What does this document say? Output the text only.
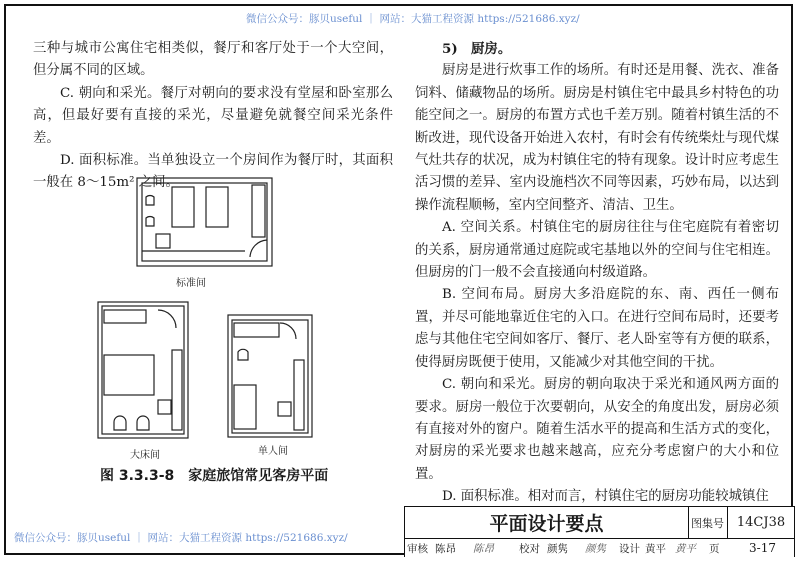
微信公众号：豚贝useful ｜ 网站：大猫工程资源 https://521686.xyz/

三种与城市公寓住宅相类似，餐厅和客厅处于一个大空间，但分属不同的区域。

C. 朝向和采光。餐厅对朝向的要求没有堂屋和卧室那么高，但最好要有直接的采光，尽量避免就餐空间采光条件差。

D. 面积标准。当单独设立一个房间作为餐厅时，其面积一般在 8～15m² 之间。

标准间
大床间	单人间
图 3.3.3-8　家庭旅馆常见客房平面

5)　厨房。

厨房是进行炊事工作的场所。有时还是用餐、洗衣、准备饲料、储藏物品的场所。厨房是村镇住宅中最具乡村特色的功能空间之一。厨房的布置方式也千差万别。随着村镇生活的不断改进，现代设备开始进入农村，有时会有传统柴灶与现代煤气灶共存的状况，成为村镇住宅的特有现象。设计时应考虑生活习惯的差异、室内设施档次不同等因素，巧妙布局，以达到操作流程顺畅，室内空间整齐、清洁、卫生。

A. 空间关系。村镇住宅的厨房往往与住宅庭院有着密切的关系，厨房通常通过庭院或宅基地以外的空间与住宅相连。但厨房的门一般不会直接通向村级道路。

B. 空间布局。厨房大多沿庭院的东、南、西任一侧布置，并尽可能地靠近住宅的入口。在进行空间布局时，还要考虑与其他住宅空间如客厅、餐厅、老人卧室等有方便的联系，使得厨房既便于使用，又能减少对其他空间的干扰。

C. 朝向和采光。厨房的朝向取决于采光和通风两方面的要求。厨房一般位于次要朝向，从安全的角度出发，厨房必须有直接对外的窗户。随着生活水平的提高和生活方式的变化，对厨房的采光要求也越来越高，应充分考虑窗户的大小和位置。

D. 面积标准。相对而言，村镇住宅的厨房功能较城镇住

微信公众号：豚贝useful ｜ 网站：大猫工程资源 https://521686.xyz/
平面设计要点	图集号 14CJ38
审核 陈昂 陈昂 校对 颜隽 颜隽 设计 黄平 黄平 页 3-17
